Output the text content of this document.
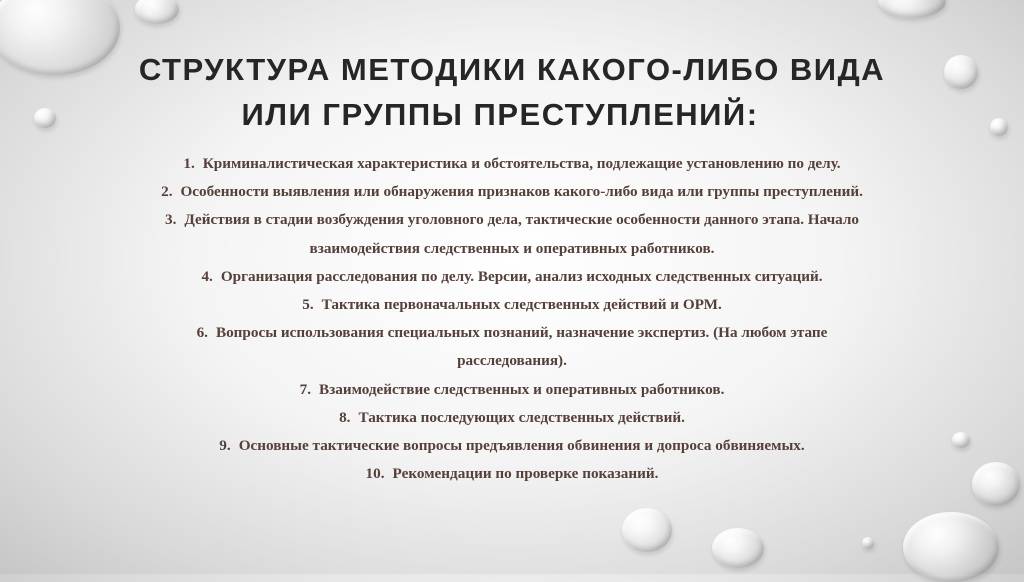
СТРУКТУРА МЕТОДИКИ КАКОГО-ЛИБО ВИДА
ИЛИ ГРУППЫ ПРЕСТУПЛЕНИЙ:
1. Криминалистическая характеристика и обстоятельства, подлежащие установлению по делу.
2. Особенности выявления или обнаружения признаков какого-либо вида или группы преступлений.
3. Действия в стадии возбуждения уголовного дела, тактические особенности данного этапа. Начало
взаимодействия следственных и оперативных работников.
4. Организация расследования по делу. Версии, анализ исходных следственных ситуаций.
5. Тактика первоначальных следственных действий и ОРМ.
6. Вопросы использования специальных познаний, назначение экспертиз. (На любом этапе
расследования).
7. Взаимодействие следственных и оперативных работников.
8. Тактика последующих следственных действий.
9. Основные тактические вопросы предъявления обвинения и допроса обвиняемых.
10. Рекомендации по проверке показаний.
